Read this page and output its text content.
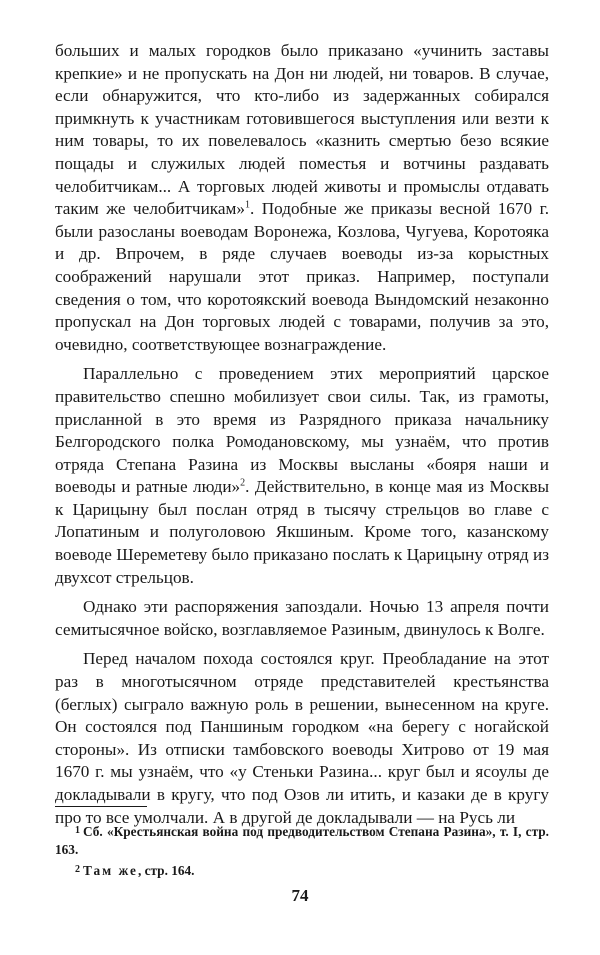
больших и малых городков было приказано «учинить заставы крепкие» и не пропускать на Дон ни людей, ни товаров. В случае, если обнаружится, что кто-либо из задержанных собирался примкнуть к участникам готовившегося выступления или везти к ним товары, то их повелевалось «казнить смертью безо всякие пощады и служилых людей поместья и вотчины раздавать челобитчикам... А торговых людей животы и промыслы отдавать таким же челобитчикам»$^1$. Подобные же приказы весной 1670 г. были разосланы воеводам Воронежа, Козлова, Чугуева, Коротояка и др. Впрочем, в ряде случаев воеводы из-за корыстных соображений нарушали этот приказ. Например, поступали сведения о том, что коротоякский воевода Вындомский незаконно пропускал на Дон торговых людей с товарами, получив за это, очевидно, соответствующее вознаграждение.

Параллельно с проведением этих мероприятий царское правительство спешно мобилизует свои силы. Так, из грамоты, присланной в это время из Разрядного приказа начальнику Белгородского полка Ромодановскому, мы узнаём, что против отряда Степана Разина из Москвы высланы «бояря наши и воеводы и ратные люди»$^2$. Действительно, в конце мая из Москвы к Царицыну был послан отряд в тысячу стрельцов во главе с Лопатиным и полуголовою Якшиным. Кроме того, казанскому воеводе Шереметеву было приказано послать к Царицыну отряд из двухсот стрельцов.

Однако эти распоряжения запоздали. Ночью 13 апреля почти семитысячное войско, возглавляемое Разиным, двинулось к Волге.

Перед началом похода состоялся круг. Преобладание на этот раз в многотысячном отряде представителей крестьянства (беглых) сыграло важную роль в решении, вынесенном на круге. Он состоялся под Паншиным городком «на берегу с ногайской стороны». Из отписки тамбовского воеводы Хитрово от 19 мая 1670 г. мы узнаём, что «у Стеньки Разина... круг был и ясоулы де докладывали в кругу, что под Озов ли итить, и казаки де в кругу про то все умолчали. А в другой де докладывали — на Русь ли

$^1$ Сб. «Крестьянская война под предводительством Степана Разина», т. I, стр. 163.

$^2$ Там же, стр. 164.

74
